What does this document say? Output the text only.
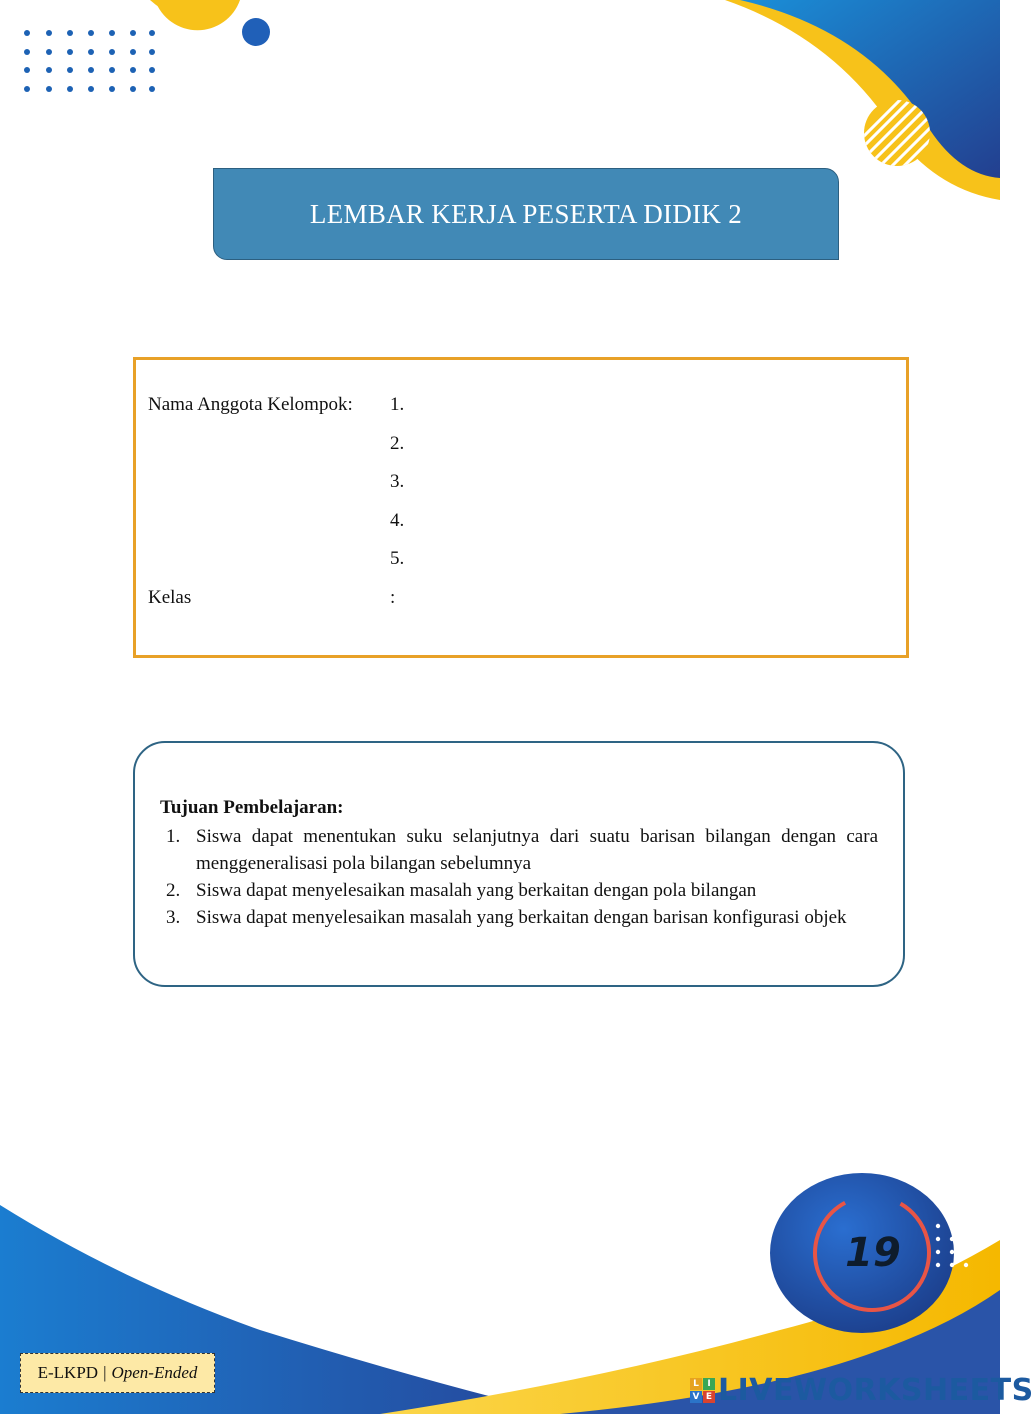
LEMBAR KERJA PESERTA DIDIK 2
Nama Anggota Kelompok: 1.
2.
3.
4.
5.
Kelas	:
Tujuan Pembelajaran:
1. Siswa dapat menentukan suku selanjutnya dari suatu barisan bilangan dengan cara menggeneralisasi pola bilangan sebelumnya
2. Siswa dapat menyelesaikan masalah yang berkaitan dengan pola bilangan
3. Siswa dapat menyelesaikan masalah yang berkaitan dengan barisan konfigurasi objek
19
E-LKPD | Open-Ended
L I
V E LIVEWORKSHEETS
